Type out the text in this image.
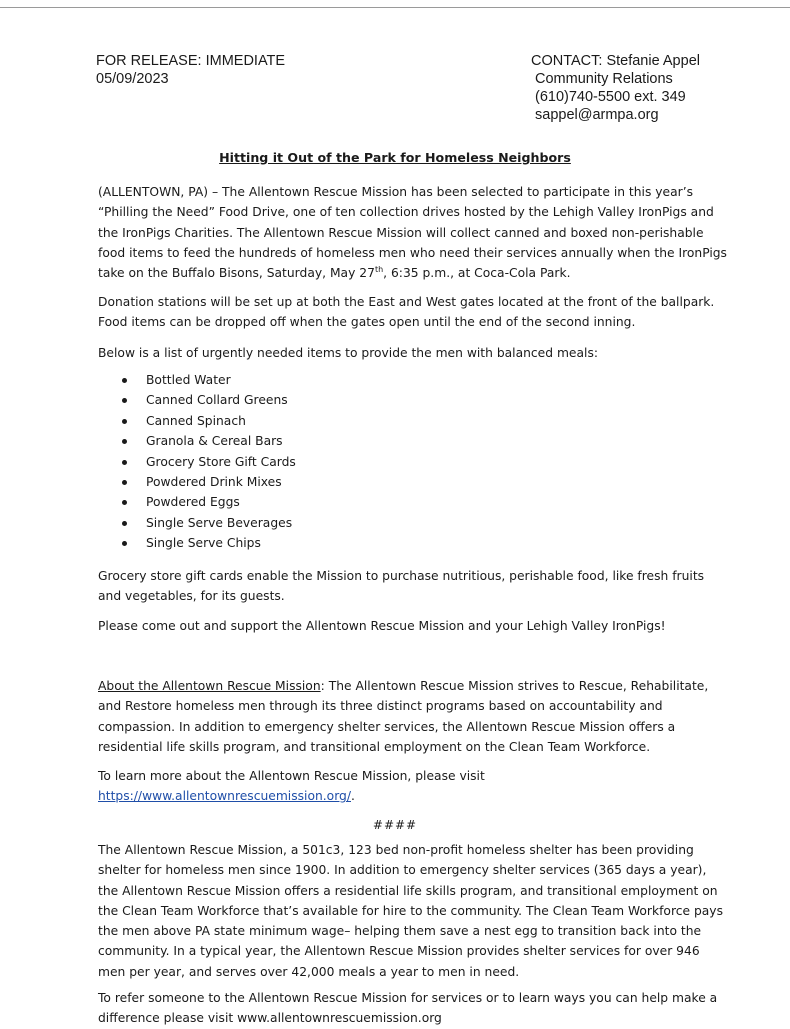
FOR RELEASE: IMMEDIATE
05/09/2023
CONTACT: Stefanie Appel
Community Relations
(610)740-5500 ext. 349
sappel@armpa.org
Hitting it Out of the Park for Homeless Neighbors

(ALLENTOWN, PA) – The Allentown Rescue Mission has been selected to participate in this year’s “Philling the Need” Food Drive, one of ten collection drives hosted by the Lehigh Valley IronPigs and the IronPigs Charities. The Allentown Rescue Mission will collect canned and boxed non-perishable food items to feed the hundreds of homeless men who need their services annually when the IronPigs take on the Buffalo Bisons, Saturday, May 27th, 6:35 p.m., at Coca-Cola Park.

Donation stations will be set up at both the East and West gates located at the front of the ballpark. Food items can be dropped off when the gates open until the end of the second inning.

Below is a list of urgently needed items to provide the men with balanced meals:

Bottled Water
Canned Collard Greens
Canned Spinach
Granola & Cereal Bars
Grocery Store Gift Cards
Powdered Drink Mixes
Powdered Eggs
Single Serve Beverages
Single Serve Chips

Grocery store gift cards enable the Mission to purchase nutritious, perishable food, like fresh fruits and vegetables, for its guests.

Please come out and support the Allentown Rescue Mission and your Lehigh Valley IronPigs!

About the Allentown Rescue Mission: The Allentown Rescue Mission strives to Rescue, Rehabilitate, and Restore homeless men through its three distinct programs based on accountability and compassion. In addition to emergency shelter services, the Allentown Rescue Mission offers a residential life skills program, and transitional employment on the Clean Team Workforce.

To learn more about the Allentown Rescue Mission, please visit

https://www.allentownrescuemission.org/.

####

The Allentown Rescue Mission, a 501c3, 123 bed non-profit homeless shelter has been providing shelter for homeless men since 1900. In addition to emergency shelter services (365 days a year), the Allentown Rescue Mission offers a residential life skills program, and transitional employment on the Clean Team Workforce that’s available for hire to the community. The Clean Team Workforce pays the men above PA state minimum wage– helping them save a nest egg to transition back into the community. In a typical year, the Allentown Rescue Mission provides shelter services for over 946 men per year, and serves over 42,000 meals a year to men in need.

To refer someone to the Allentown Rescue Mission for services or to learn ways you can help make a difference please visit www.allentownrescuemission.org
